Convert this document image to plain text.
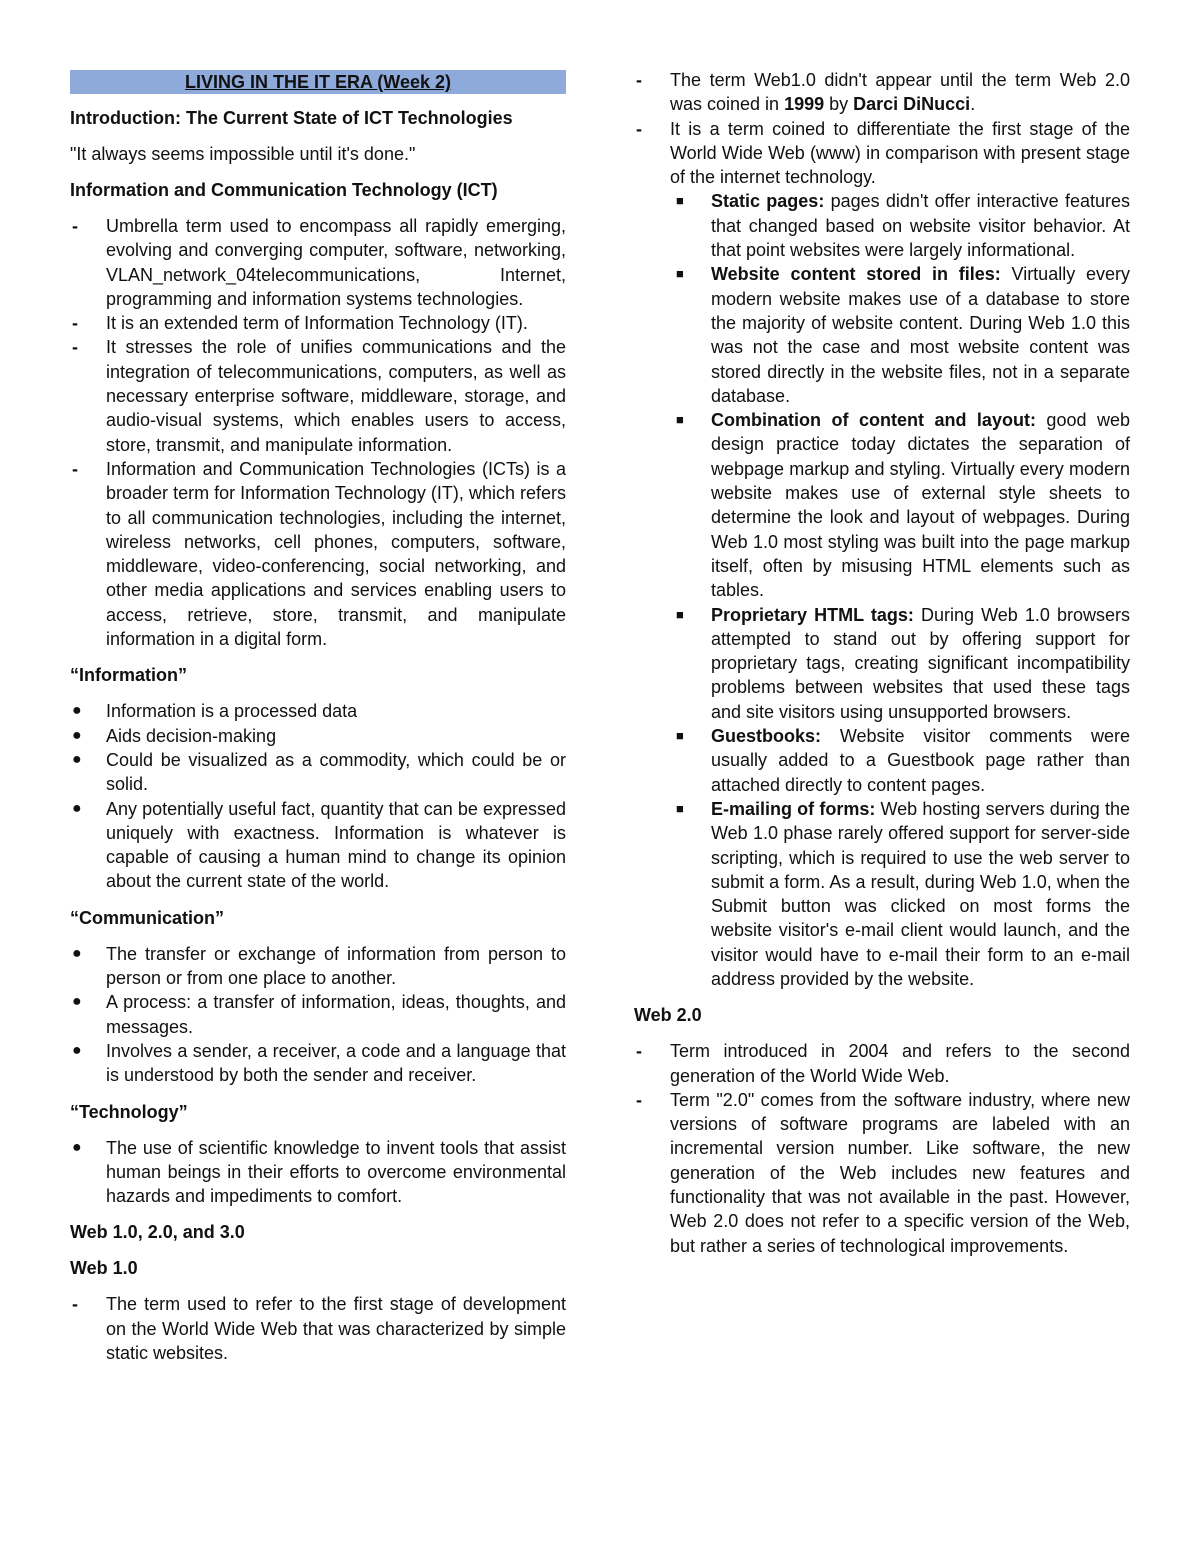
LIVING IN THE IT ERA (Week 2)
Introduction: The Current State of ICT Technologies
"It always seems impossible until it's done."
Information and Communication Technology (ICT)
- Umbrella term used to encompass all rapidly emerging, evolving and converging computer, software, networking, VLAN_network_04telecommunications, Internet, programming and information systems technologies.
- It is an extended term of Information Technology (IT).
- It stresses the role of unifies communications and the integration of telecommunications, computers, as well as necessary enterprise software, middleware, storage, and audio-visual systems, which enables users to access, store, transmit, and manipulate information.
- Information and Communication Technologies (ICTs) is a broader term for Information Technology (IT), which refers to all communication technologies, including the internet, wireless networks, cell phones, computers, software, middleware, video-conferencing, social networking, and other media applications and services enabling users to access, retrieve, store, transmit, and manipulate information in a digital form.
“Information”
● Information is a processed data
● Aids decision-making
● Could be visualized as a commodity, which could be or solid.
● Any potentially useful fact, quantity that can be expressed uniquely with exactness. Information is whatever is capable of causing a human mind to change its opinion about the current state of the world.
“Communication”
● The transfer or exchange of information from person to person or from one place to another.
● A process: a transfer of information, ideas, thoughts, and messages.
● Involves a sender, a receiver, a code and a language that is understood by both the sender and receiver.
“Technology”
● The use of scientific knowledge to invent tools that assist human beings in their efforts to overcome environmental hazards and impediments to comfort.
Web 1.0, 2.0, and 3.0
Web 1.0
- The term used to refer to the first stage of development on the World Wide Web that was characterized by simple static websites.
- The term Web1.0 didn't appear until the term Web 2.0 was coined in 1999 by Darci DiNucci.
- It is a term coined to differentiate the first stage of the World Wide Web (www) in comparison with present stage of the internet technology.
■ Static pages: pages didn't offer interactive features that changed based on website visitor behavior. At that point websites were largely informational.
■ Website content stored in files: Virtually every modern website makes use of a database to store the majority of website content. During Web 1.0 this was not the case and most website content was stored directly in the website files, not in a separate database.
■ Combination of content and layout: good web design practice today dictates the separation of webpage markup and styling. Virtually every modern website makes use of external style sheets to determine the look and layout of webpages. During Web 1.0 most styling was built into the page markup itself, often by misusing HTML elements such as tables.
■ Proprietary HTML tags: During Web 1.0 browsers attempted to stand out by offering support for proprietary tags, creating significant incompatibility problems between websites that used these tags and site visitors using unsupported browsers.
■ Guestbooks: Website visitor comments were usually added to a Guestbook page rather than attached directly to content pages.
■ E-mailing of forms: Web hosting servers during the Web 1.0 phase rarely offered support for server-side scripting, which is required to use the web server to submit a form. As a result, during Web 1.0, when the Submit button was clicked on most forms the website visitor's e-mail client would launch, and the visitor would have to e-mail their form to an e-mail address provided by the website.
Web 2.0
- Term introduced in 2004 and refers to the second generation of the World Wide Web.
- Term "2.0" comes from the software industry, where new versions of software programs are labeled with an incremental version number. Like software, the new generation of the Web includes new features and functionality that was not available in the past. However, Web 2.0 does not refer to a specific version of the Web, but rather a series of technological improvements.
